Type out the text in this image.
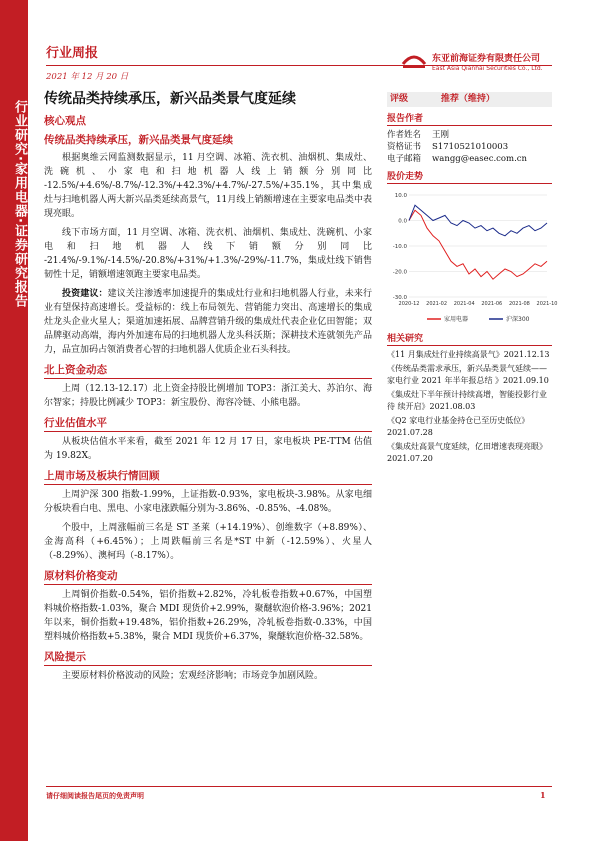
行业研究·家用电器·证券研究报告
行业周报
2021 年 12 月 20 日
东亚前海证券有限责任公司
East Asia Qianhai Securities Co., Ltd.
传统品类持续承压，新兴品类景气度延续
核心观点
传统品类持续承压，新兴品类景气度延续

根据奥维云网监测数据显示，11 月空调、冰箱、洗衣机、油烟机、集成灶、洗碗机、小家电和扫地机器人线上销额分别同比 -12.5%/+4.6%/-8.7%/-12.3%/+42.3%/+4.7%/-27.5%/+35.1%，其中集成灶与扫地机器人两大新兴品类延续高景气，11月线上销额增速在主要家电品类中表现亮眼。

线下市场方面，11 月空调、冰箱、洗衣机、油烟机、集成灶、洗碗机、小家电和扫地机器人线下销额分别同比 -21.4%/-9.1%/-14.5%/-20.8%/+31%/+1.3%/-29%/-11.7%，集成灶线下销售韧性十足，销额增速领跑主要家电品类。

投资建议：建议关注渗透率加速提升的集成灶行业和扫地机器人行业，未来行业有望保持高速增长。受益标的：线上布局领先、营销能力突出、高速增长的集成灶龙头企业火星人；渠道加速拓展、品牌营销升级的集成灶代表企业亿田智能；双品牌驱动高端，海内外加速布局的扫地机器人龙头科沃斯；深耕技术连就领先产品力，品宣加码占领消费者心智的扫地机器人优质企业石头科技。

北上资金动态

上周（12.13-12.17）北上资金持股比例增加 TOP3：浙江美大、苏泊尔、海尔智家；持股比例减少 TOP3：新宝股份、海容冷链、小熊电器。

行业估值水平

从板块估值水平来看，截至 2021 年 12 月 17 日，家电板块 PE-TTM 估值为 19.82X。

上周市场及板块行情回顾

上周沪深 300 指数-1.99%，上证指数-0.93%，家电板块-3.98%。从家电细分板块看白电、黑电、小家电涨跌幅分别为-3.86%、-0.85%、-4.08%。

个股中，上周涨幅前三名是 ST 圣莱（+14.19%）、创维数字（+8.89%）、金海高科（+6.45%）；上周跌幅前三名是*ST 中新（-12.59%）、火星人（-8.29%）、澳柯玛（-8.17%）。

原材料价格变动

上周铜价指数-0.54%，铝价指数+2.82%，冷轧板卷指数+0.67%，中国塑料城价格指数-1.03%，聚合 MDI 现货价+2.99%，聚醚软泡价格-3.96%；2021 年以来，铜价指数+19.48%，铝价指数+26.29%，冷轧板卷指数-0.33%，中国塑料城价格指数+5.38%，聚合 MDI 现货价+6.37%，聚醚软泡价格-32.58%。

风险提示

主要原材料价格波动的风险；宏观经济影响；市场竞争加剧风险。

评级	推荐（维持）
报告作者
作者姓名 王刚
资格证书 S1710521010003
电子邮箱 wangg@easec.com.cn
股价走势
10.0
0.0
-10.0
-20.0
-30.0
2020-12 2021-02 2021-04 2021-06 2021-08 2021-10
家用电器	沪深300
相关研究
《11 月集成灶行业持续高景气》2021.12.13
《传统品类需求承压，新兴品类景气延续——家电行业 2021 年半年报总结 》2021.09.10
《集成灶下半年预计持续高增，智能投影行业待 续开启》2021.08.03
《Q2 家电行业基金持仓已至历史低位》2021.07.28
《集成灶高景气度延续，亿田增速表现亮眼》2021.07.20
请仔细阅读报告尾页的免责声明	1
